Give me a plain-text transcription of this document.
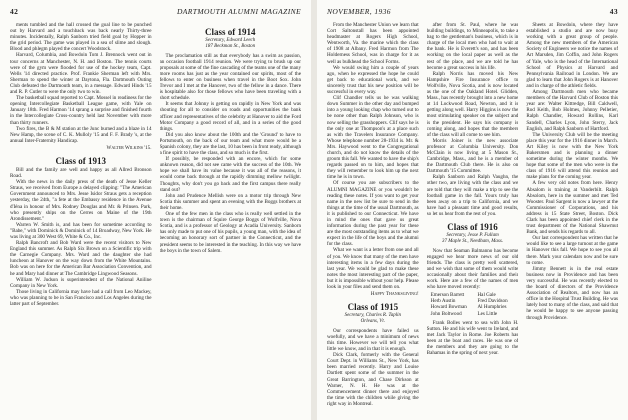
42	DARTMOUTH ALUMNI MAGAZINE

ments tumbled and the hall crossed the goal line to be punched out by Harvard and a touchback was back nearly Thirty-three minutes. Incidentally, Ralph Sanborn tried field goal by Hopper in the grid period. The game was played in a sea of slime and slough. Blood and phlegm played the concert Woodstock.

Harvard, Columbia, and Bowdoin Tom J. Brennock went out in tour concerns at Manchester, N. H. and Boston. The tennis courts were of the gym were flooded for use of the hockey team, Capt. Wells '14 directed practice. Prof. Frankie Sherman left with Mrs. Sherman to spend the winter at Daytona, Fla. Dartmouth Outing Club defeated the Dartmouth team, in a message. Edward Hinds '15 and R. P. Cutler to were the only two to win.

The basketball squad reported to Capt. Mossel in readiness for the opening Intercollegiate Basketball League game, with Yale on January 18th. Fred Harmon '14 sprang a surprise and finished fourth in the Intercollegiate Cross-country held last November with more than thirty runners.

Two fires, the B & M station at the Junc burned and a blaze in 14 New Hamp, the scene of C. K. Mulloly '15 and F. F. Brady 's, at the annual Inter-Fraternity Handicap.

Walter Wilkins '15.
Class of 1913

Bill and the family are well and happy as all Allred Bronson Road.

With the news in the daily press of the death of Jesse Keller Straus, we received from Europe a delayed clipping: "The American Government announced to Mrs. Jesse Isidor Straus gets a reception yesterday, the 24th, "a fete at the Embassy residence in the Avenue d'Iéna in honour of Mrs. Rodney Douglas and Mr. & Prinsen. Park, who presently ships on the Cerres on Maine of the 19th Arondissement."

Warren W. Smith is, and has been for sometime according to "Babe," with Dominick & Dominick of 14 Broadway, New York. He was living at 300 West 69, White & Co., Inc.

Ralph Bancroft and Bob Ward were the recent visitors to New England this summer. As Ralph Six Brown on a Scientific trip with the Carnegie Company. Mrs. Ward and the daughter she had luncheon at Hanover on the way down from the White Mountains. Bob was on here for the American Bar Association Convention, and he and Mary had dinner at The Cambridge Lingwood Seasons.

William W. Judson is superintendent of the National Aniline Company in New York.

Those living in California may have had a call from Leo Mackey, who was planning to be in San Francisco and Los Angeles during the latter part of September.

Class of 1914
Secretary, Edward Leech
187 Beckman St., Boston

The proclamation still as that everybody has a swim as passion, an occasion football 1914 reunion. We were trying to brush up our proposals at some of the fine cascading of the teams one of the many more rooms has just as the year contained our spirits, most of the fellows to enter on business when travel in the Boot Sox. John Trevor and I met at the Hanover, two of the fellow in a dance. There is hospitable also for those fellows who have been traveling with a short schedule.

It seems that Johnny is getting on rapidly in New York and was shouting for all to consider on roads and opportunities the bank officer and representatives of the celebrity at Hanover to aid the Ford Motor Company a good record of all, and in a series of the good things.

Did you also know about the 100th and the 'Ground' to have to Portsmouth, on the back of our team and what more would be a Spanish colony, they are the last, 10 has been in front ready, although a fine spirit to have the class, and so much is the first.

If possibly, be responded with an encore, which for some unknown reason, did not see came with the success of the 10th. We hope we shall have its value because it was all of the reasons, it would come back through at the rapidly dimming mellow twilight. Thoughts, why don't you go back and the first campus there really stand out?

John and Prudence Mellish were on a motor trip through New Scotia this summer and spent an evening with the Boggs brothers at their home.

One of the few men in the class who is really well settled in the town is the chairman of Squire George Boggs of Wolfville, Nova Scotia, and is a professor of Geology at Acadia University. Sanborn has only made to put one of his pupils, a young man, with the idea of becoming an honorary sort of partner in the Connecticut, and the president seems to be interested in the teaching. In this way we have the boys in the town of Salem.

NOVEMBER, 1936	43

From the Manchester Union we learn that Cort Saltonstall has been appointed headmaster at Rogers High School, Wentworth, Va. the marine which the class of 1908 at Albany. Fred Harmon from The Holderness School, was in charge for it as well as bulkhead the School Forms.

We would swing him a couple of years ago, when he expressed the hope he could get back to educational work, and we sincerely trust that his new position will be successful in every way.

Clif Chandler tells us he was walking down Summer in the other day and bumped into a young looking chap who turned out to be none other than Ralph Johnson, who is now selling the grasshoppers. Clif says he is the only one at Thompson's at a place such as with the Travelers Insurance Company. Whose telephone number 28-1934 is. Mr. & Mrs. Haywood went to the Congregational church, and do not know the details of the groom this fall. We wanted to have the ship's regards passed on to him, and hopes that they will remember to look him up the next time he is in town.

Of course you are subscribers to the ALUMNI MAGAZINE or you wouldn't be reading these notes. If you want to get your name in the new list be sure to send in the things at the time of the usual Dartmouth, as it is published to our Connecticut. We have in mind the ones that gave us great information during the past year for these are the most outstanding items as to what we expect in the life of the boys and the alumni for the class.

What we want is a letter from one and all of you. We know that many of the men have interesting items in a few days during the last year. We would be glad to make these notes the most interesting part of the paper, but it is impossible without your help. Please look in your files and send them on.

Happy Thanksgiving!
Class of 1915
Secretary, Charles R. Taplin
Orleans, Vt.

Our correspondents have failed us woefully, and we have a minimum of news this time. However we will tell you what little we know, and in that it is enough.

Dick Clark, formerly with the General Court Dept. in Williams St., New York, has been married recently. Harry and Louise Dartlett spent some of the summer in the Great Barrington, and Chase Dirkson at Warner, N. H. He was at the Commencement dinner there and enjoyed the time with the children while giving the right way in Montreal.

after from St. Paul, where he was building buildings, to Minneapolis, to take a bag to the gentleman's business, which is in charge of the local men who had to wait at the bank. He is Everett's son, and has been working on the local paper as well as the rest of the place, and we are told he has become a great success in his life.

Ralph Norris has moved his New Hampshire Fire Insurance office to Wolfville, Nova Scotia, and is now located as the one of the Oakland Hotel. Glidden, Mass., has recently brought into a new home at 14 Lockwood Road, Newton, and it is getting along well. Harry Higgins is now the most stimulating speaker on the subject and is the president. He says his company is coming along, and hopes that the members of the class will all come to see him.

Morris Joiner is the new associate professor at Columbia University. Don McClain is now living at 5 Mason St., Cambridge, Mass., and he is a member of the Dartmouth Club there. He is also on Dartmouth '15 Committee.

Ralph Sanborn and Ralph Vaughn, the other two, are living with the class and we are told that they will make a trip to see the football game in the fall. Yours truly has been away on a trip to California, and we have had a pleasant time and good results, so let us hear from the rest of you.

Class of 1916
Secretary, Jesse P. Fullam
37 Maple St., Needham, Mass.

Now that Seaman Balmanno has become engaged we hear more news of our old friends. The class is pretty well scattered, and we wish that some of them would write occasionally about their families and their work. Here are a few of the names of men who have moved recently:

Emerson Barrett	Hal Gale
Herb Austin	Fred Davidson
Howard Bowman	Al Humphries
John Boltwood	Les Little

Frank Bolles went to sea with John H. Sutton. He and his wife went to Ireland, and met Jack Taylor in Rome. Joe Roberts has been at the boat and races. He was one of the members and they are going to the Bahamas in the spring of next year.

Sheets at Bowdoin, where they have established a studio and are now busy working with a great group of people. Among the new members of the American Society of Engineers we notice the names of Art Marsden, Jim Coffin, and John Rogers of Yale, who is the head of the International School of Physics at Harvard and Pennsylvania Railroad in London. We are glad to learn that John Rogers is at Hanover and in charge of the athletic fields.

Among Dartmouth men who became members of the Harvard Club of Boston this year are: Walter Kittredge, Bill Caldwell, Rod Keith, Bob Holmes, Johnny Pelletier, Ralph Chandler, Howard Rollins, Karl Sandell, Charles Lyon, John Sterry, Jack English, and Ralph Sanborn of Hartford.

The University Club will be the meeting place this year for the 1916 dinner in March. Art Kiley is now with the New York Bakersmen and is planning a dinner sometime during the winter months. We hope that some of the men who were in the class of 1916 will attend this reunion and make plans for the coming year.

A few very old notes from here. Henry Absalom is training at Vanderbilt. Ralph Absolom, here in the summer and met Ted Wooster. Paul Sargent is now a lawyer at the Commissioner of Corporations, and his address is 15 State Street, Boston. Dick Clark has been appointed chief clerk in the trust department of the National Shawmut Bank, and sends his regards to all.

Our last correspondent has written that he would like to see a large turnout at the game in Hanover this fall. We hope to see you all there. Mark your calendars now and be sure to come.

Jimmy Bennett is in the real estate business now in Providence and has been very successful. He was recently elected to the board of directors of the Providence Association of Realtors, and now has an office in the Hospital Trust Building. He was lately host to many of the class, and said that he would be happy to see anyone passing through Providence.
